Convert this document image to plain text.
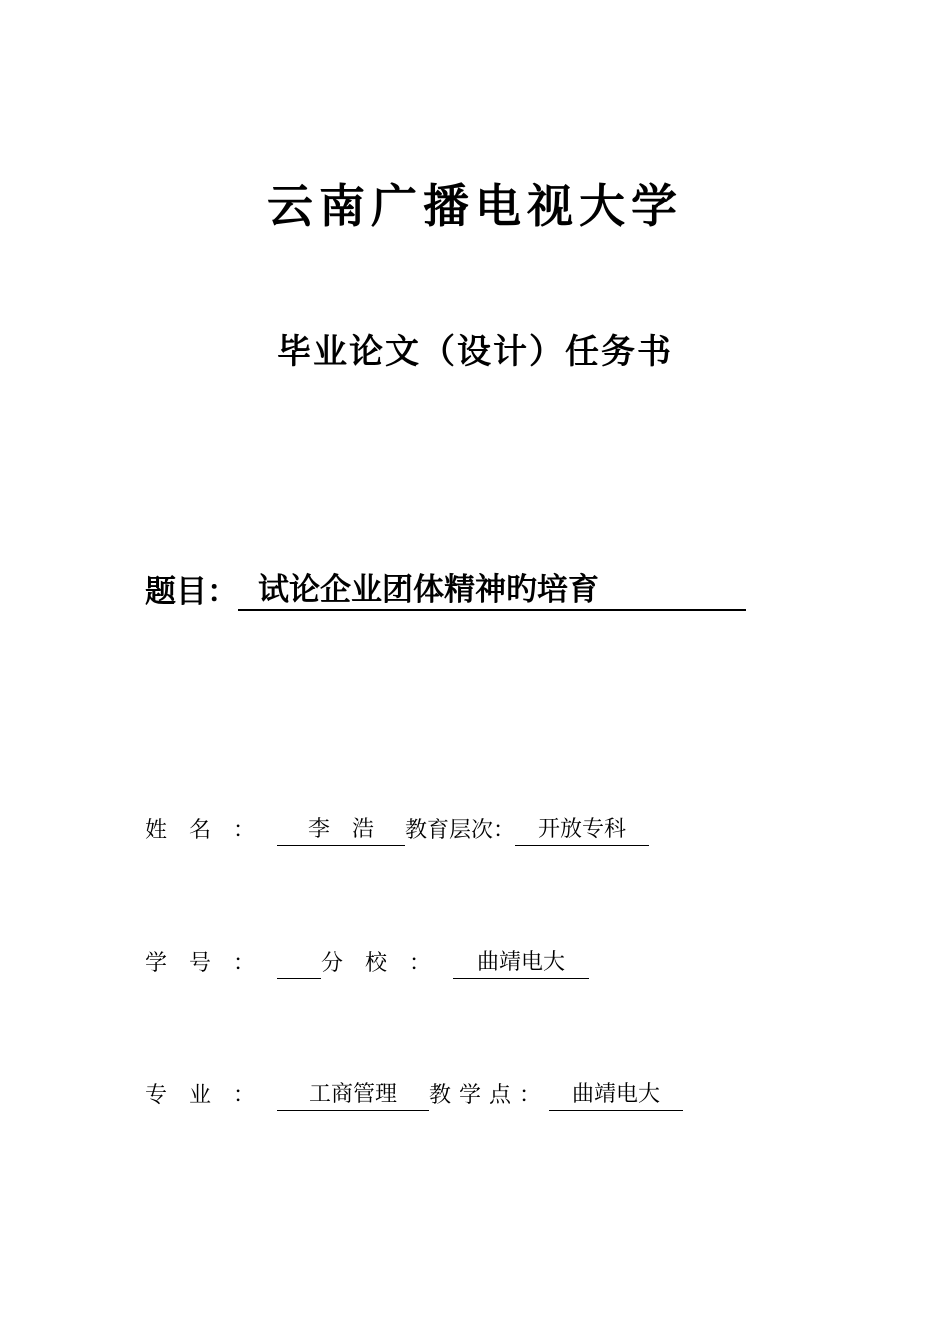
云南广播电视大学
毕业论文（设计）任务书
题目： 试论企业团体精神旳培育
姓名：	李浩 教育层次：	开放专科
学号： 分校：	曲靖电大
专业：	工商管理	教学点：	曲靖电大
